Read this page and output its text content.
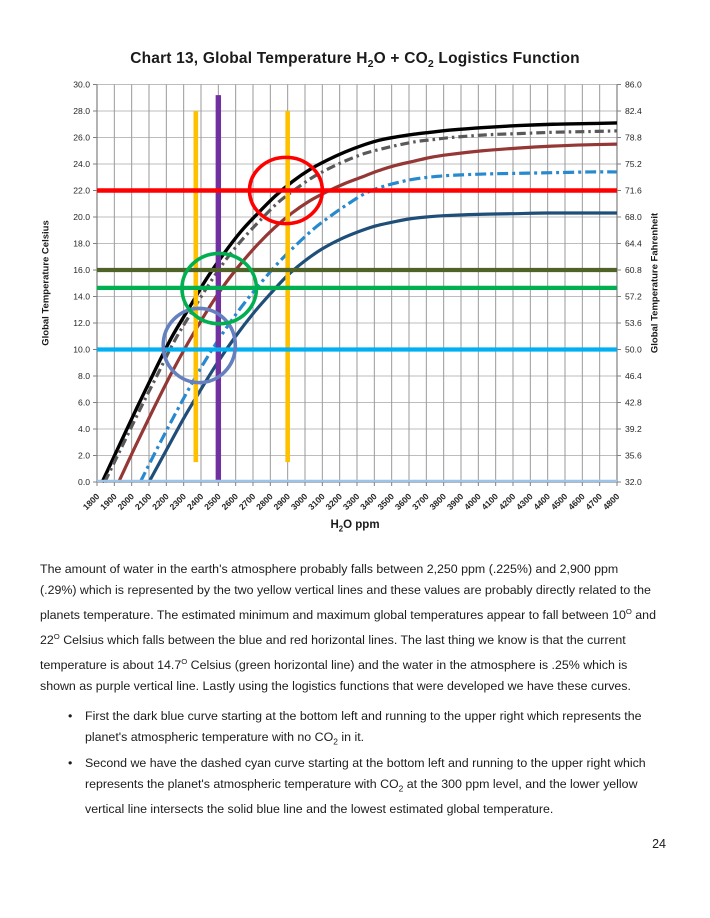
0.0
2.0
4.0
6.0
8.0
10.0
12.0
14.0
16.0
18.0
20.0
22.0
24.0
26.0
28.0
30.0
32.0
35.6
39.2
42.8
46.4
50.0
53.6
57.2
60.8
64.4
68.0
71.6
75.2
78.8
82.4
86.0
1800
1900
2000
2100
2200
2300
2400
2500
2600
2700
2800
2900
3000
3100
3200
3300
3400
3500
3600
3700
3800
3900
4000
4100
4200
4300
4400
4500
4600
4700
4800
Chart 13, Global Temperature $H_2O + CO_2$ Logistics Function
Global Temperature Celsius	Global Temperature Fahrenheit
$H_2O$ ppm

The amount of water in the earth's atmosphere probably falls between 2,250 ppm (.225%) and 2,900 ppm (.29%) which is represented by the two yellow vertical lines and these values are probably directly related to the planets temperature. The estimated minimum and maximum global temperatures appear to fall between $10^O$ and $22^O$ Celsius which falls between the blue and red horizontal lines. The last thing we know is that the current temperature is about $14.7^O$ Celsius (green horizontal line) and the water in the atmosphere is .25% which is shown as purple vertical line. Lastly using the logistics functions that were developed we have these curves.

• First the dark blue curve starting at the bottom left and running to the upper right which represents the planet's atmospheric temperature with no $CO_2$ in it.
• Second we have the dashed cyan curve starting at the bottom left and running to the upper right which represents the planet's atmospheric temperature with $CO_2$ at the 300 ppm level, and the lower yellow vertical line intersects the solid blue line and the lowest estimated global temperature.
24
